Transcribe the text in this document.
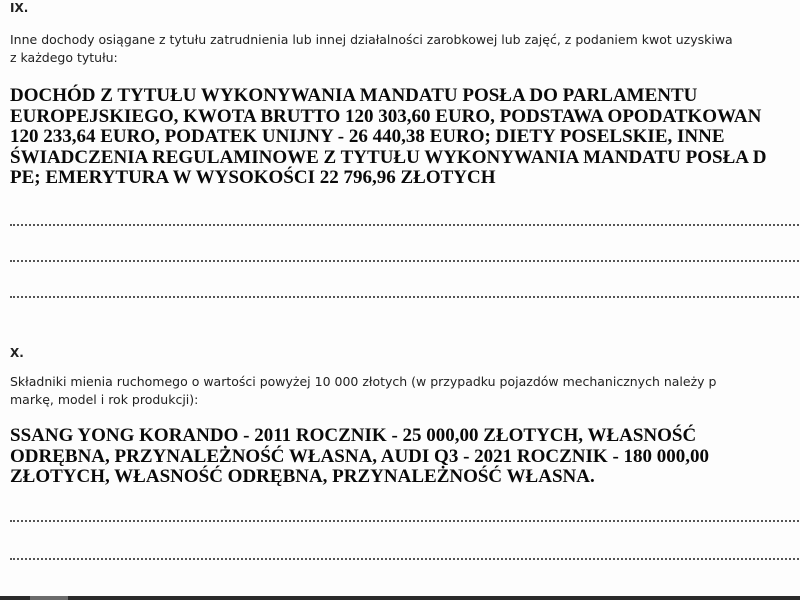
IX.

Inne dochody osiągane z tytułu zatrudnienia lub innej działalności zarobkowej lub zajęć, z podaniem kwot uzyskiwa

z każdego tytułu:

DOCHÓD Z TYTUŁU WYKONYWANIA MANDATU POSŁA DO PARLAMENTU

EUROPEJSKIEGO, KWOTA BRUTTO 120 303,60 EURO, PODSTAWA OPODATKOWAN

120 233,64 EURO, PODATEK UNIJNY - 26 440,38 EURO; DIETY POSELSKIE, INNE

ŚWIADCZENIA REGULAMINOWE Z TYTUŁU WYKONYWANIA MANDATU POSŁA D

PE; EMERYTURA W WYSOKOŚCI 22 796,96 ZŁOTYCH

X.

Składniki mienia ruchomego o wartości powyżej 10 000 złotych (w przypadku pojazdów mechanicznych należy p

markę, model i rok produkcji):

SSANG YONG KORANDO - 2011 ROCZNIK - 25 000,00 ZŁOTYCH, WŁASNOŚĆ

ODRĘBNA, PRZYNALEŻNOŚĆ WŁASNA, AUDI Q3 - 2021 ROCZNIK - 180 000,00

ZŁOTYCH, WŁASNOŚĆ ODRĘBNA, PRZYNALEŻNOŚĆ WŁASNA.
